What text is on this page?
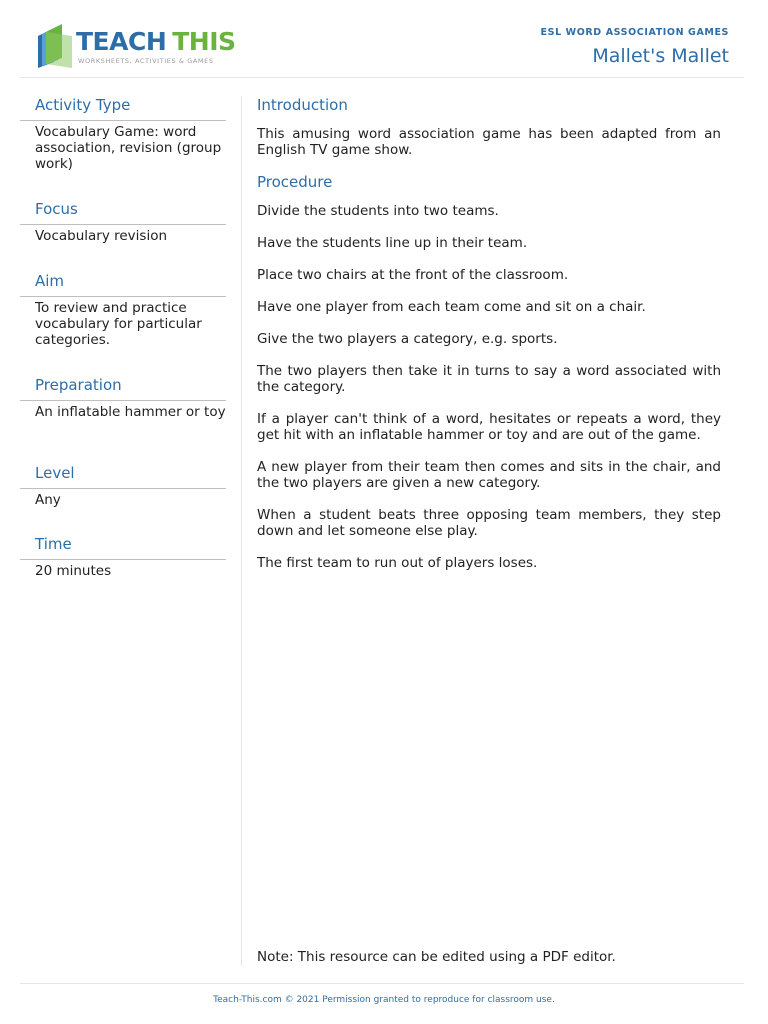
TEACH THIS
WORKSHEETS, ACTIVITIES & GAMES
ESL WORD ASSOCIATION GAMES
Mallet's Mallet
Activity Type
Vocabulary Game: word association, revision (group work)
Focus
Vocabulary revision
Aim
To review and practice vocabulary for particular categories.
Preparation
An inflatable hammer or toy
Level
Any
Time
20 minutes
Introduction
This amusing word association game has been adapted from an English TV game show.
Procedure
Divide the students into two teams.
Have the students line up in their team.
Place two chairs at the front of the classroom.
Have one player from each team come and sit on a chair.
Give the two players a category, e.g. sports.
The two players then take it in turns to say a word associated with the category.
If a player can't think of a word, hesitates or repeats a word, they get hit with an inflatable hammer or toy and are out of the game.
A new player from their team then comes and sits in the chair, and the two players are given a new category.
When a student beats three opposing team members, they step down and let someone else play.
The first team to run out of players loses.
Note: This resource can be edited using a PDF editor.
Teach-This.com © 2021 Permission granted to reproduce for classroom use.
